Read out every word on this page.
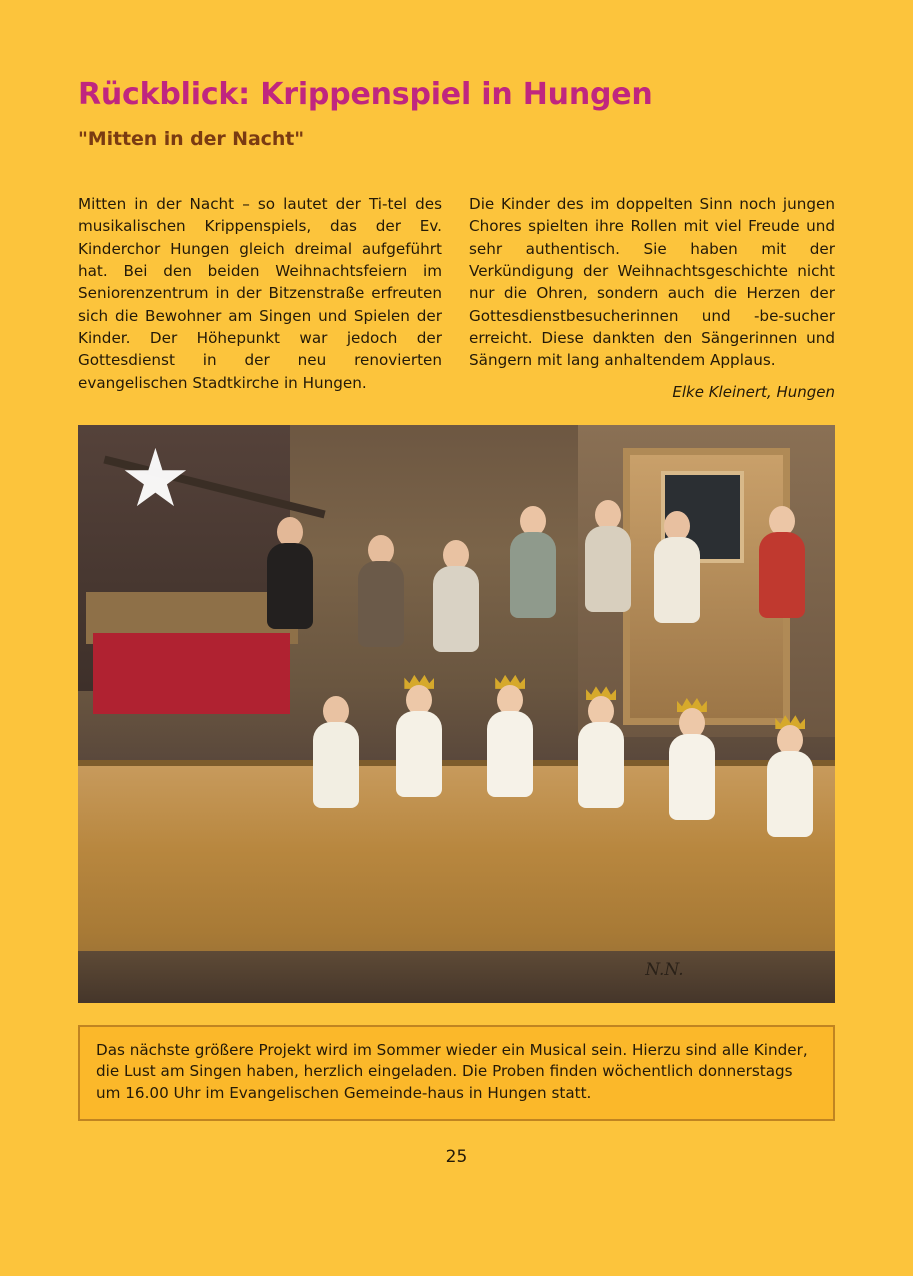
Rückblick: Krippenspiel in Hungen
"Mitten in der Nacht"
Mitten in der Nacht – so lautet der Ti-tel des musikalischen Krippenspiels, das der Ev. Kinderchor Hungen gleich dreimal aufgeführt hat. Bei den beiden Weihnachtsfeiern im Seniorenzentrum in der Bitzenstraße erfreuten sich die Bewohner am Singen und Spielen der Kinder. Der Höhepunkt war jedoch der Gottesdienst in der neu renovierten evangelischen Stadtkirche in Hungen.
Die Kinder des im doppelten Sinn noch jungen Chores spielten ihre Rollen mit viel Freude und sehr authentisch. Sie haben mit der Verkündigung der Weihnachtsgeschichte nicht nur die Ohren, sondern auch die Herzen der Gottesdienstbesucherinnen und -be-sucher erreicht. Diese dankten den Sängerinnen und Sängern mit lang anhaltendem Applaus.
Elke Kleinert, Hungen
N.N.
Das nächste größere Projekt wird im Sommer wieder ein Musical sein. Hierzu sind alle Kinder, die Lust am Singen haben, herzlich eingeladen. Die Proben finden wöchentlich donnerstags um 16.00 Uhr im Evangelischen Gemeinde-haus in Hungen statt.
25
